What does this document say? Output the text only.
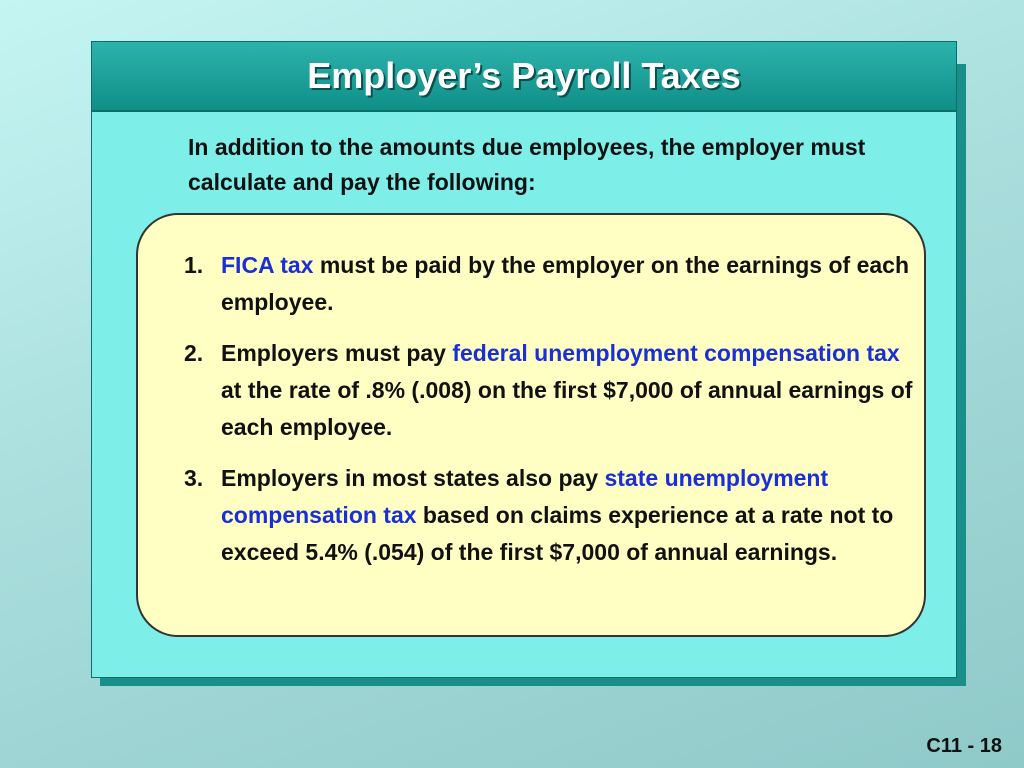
Employer’s Payroll Taxes
In addition to the amounts due employees, the employer must calculate and pay the following:
1. FICA tax must be paid by the employer on the earnings of each employee.
2. Employers must pay federal unemployment compensation tax at the rate of .8% (.008) on the first $7,000 of annual earnings of each employee.
3. Employers in most states also pay state unemployment compensation tax based on claims experience at a rate not to exceed 5.4% (.054) of the first $7,000 of annual earnings.
C11 - 18
